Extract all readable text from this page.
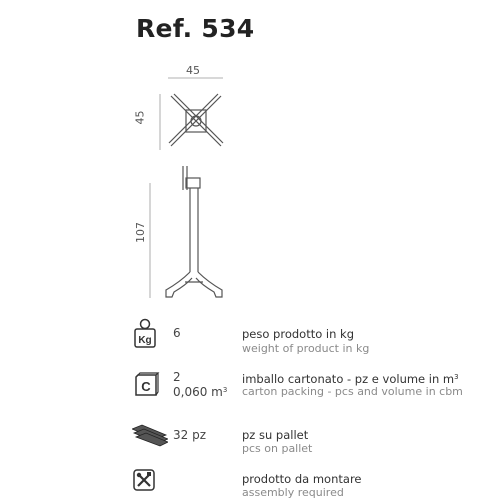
Ref. 534
45
45
107
Kg
6	peso prodotto in kg
weight of product in kg
C
2
0,060 $m^3$
imballo cartonato - pz e volume in $m^3$
carton packing - pcs and volume in cbm
32 pz	pz su pallet
pcs on pallet
prodotto da montare
assembly required
